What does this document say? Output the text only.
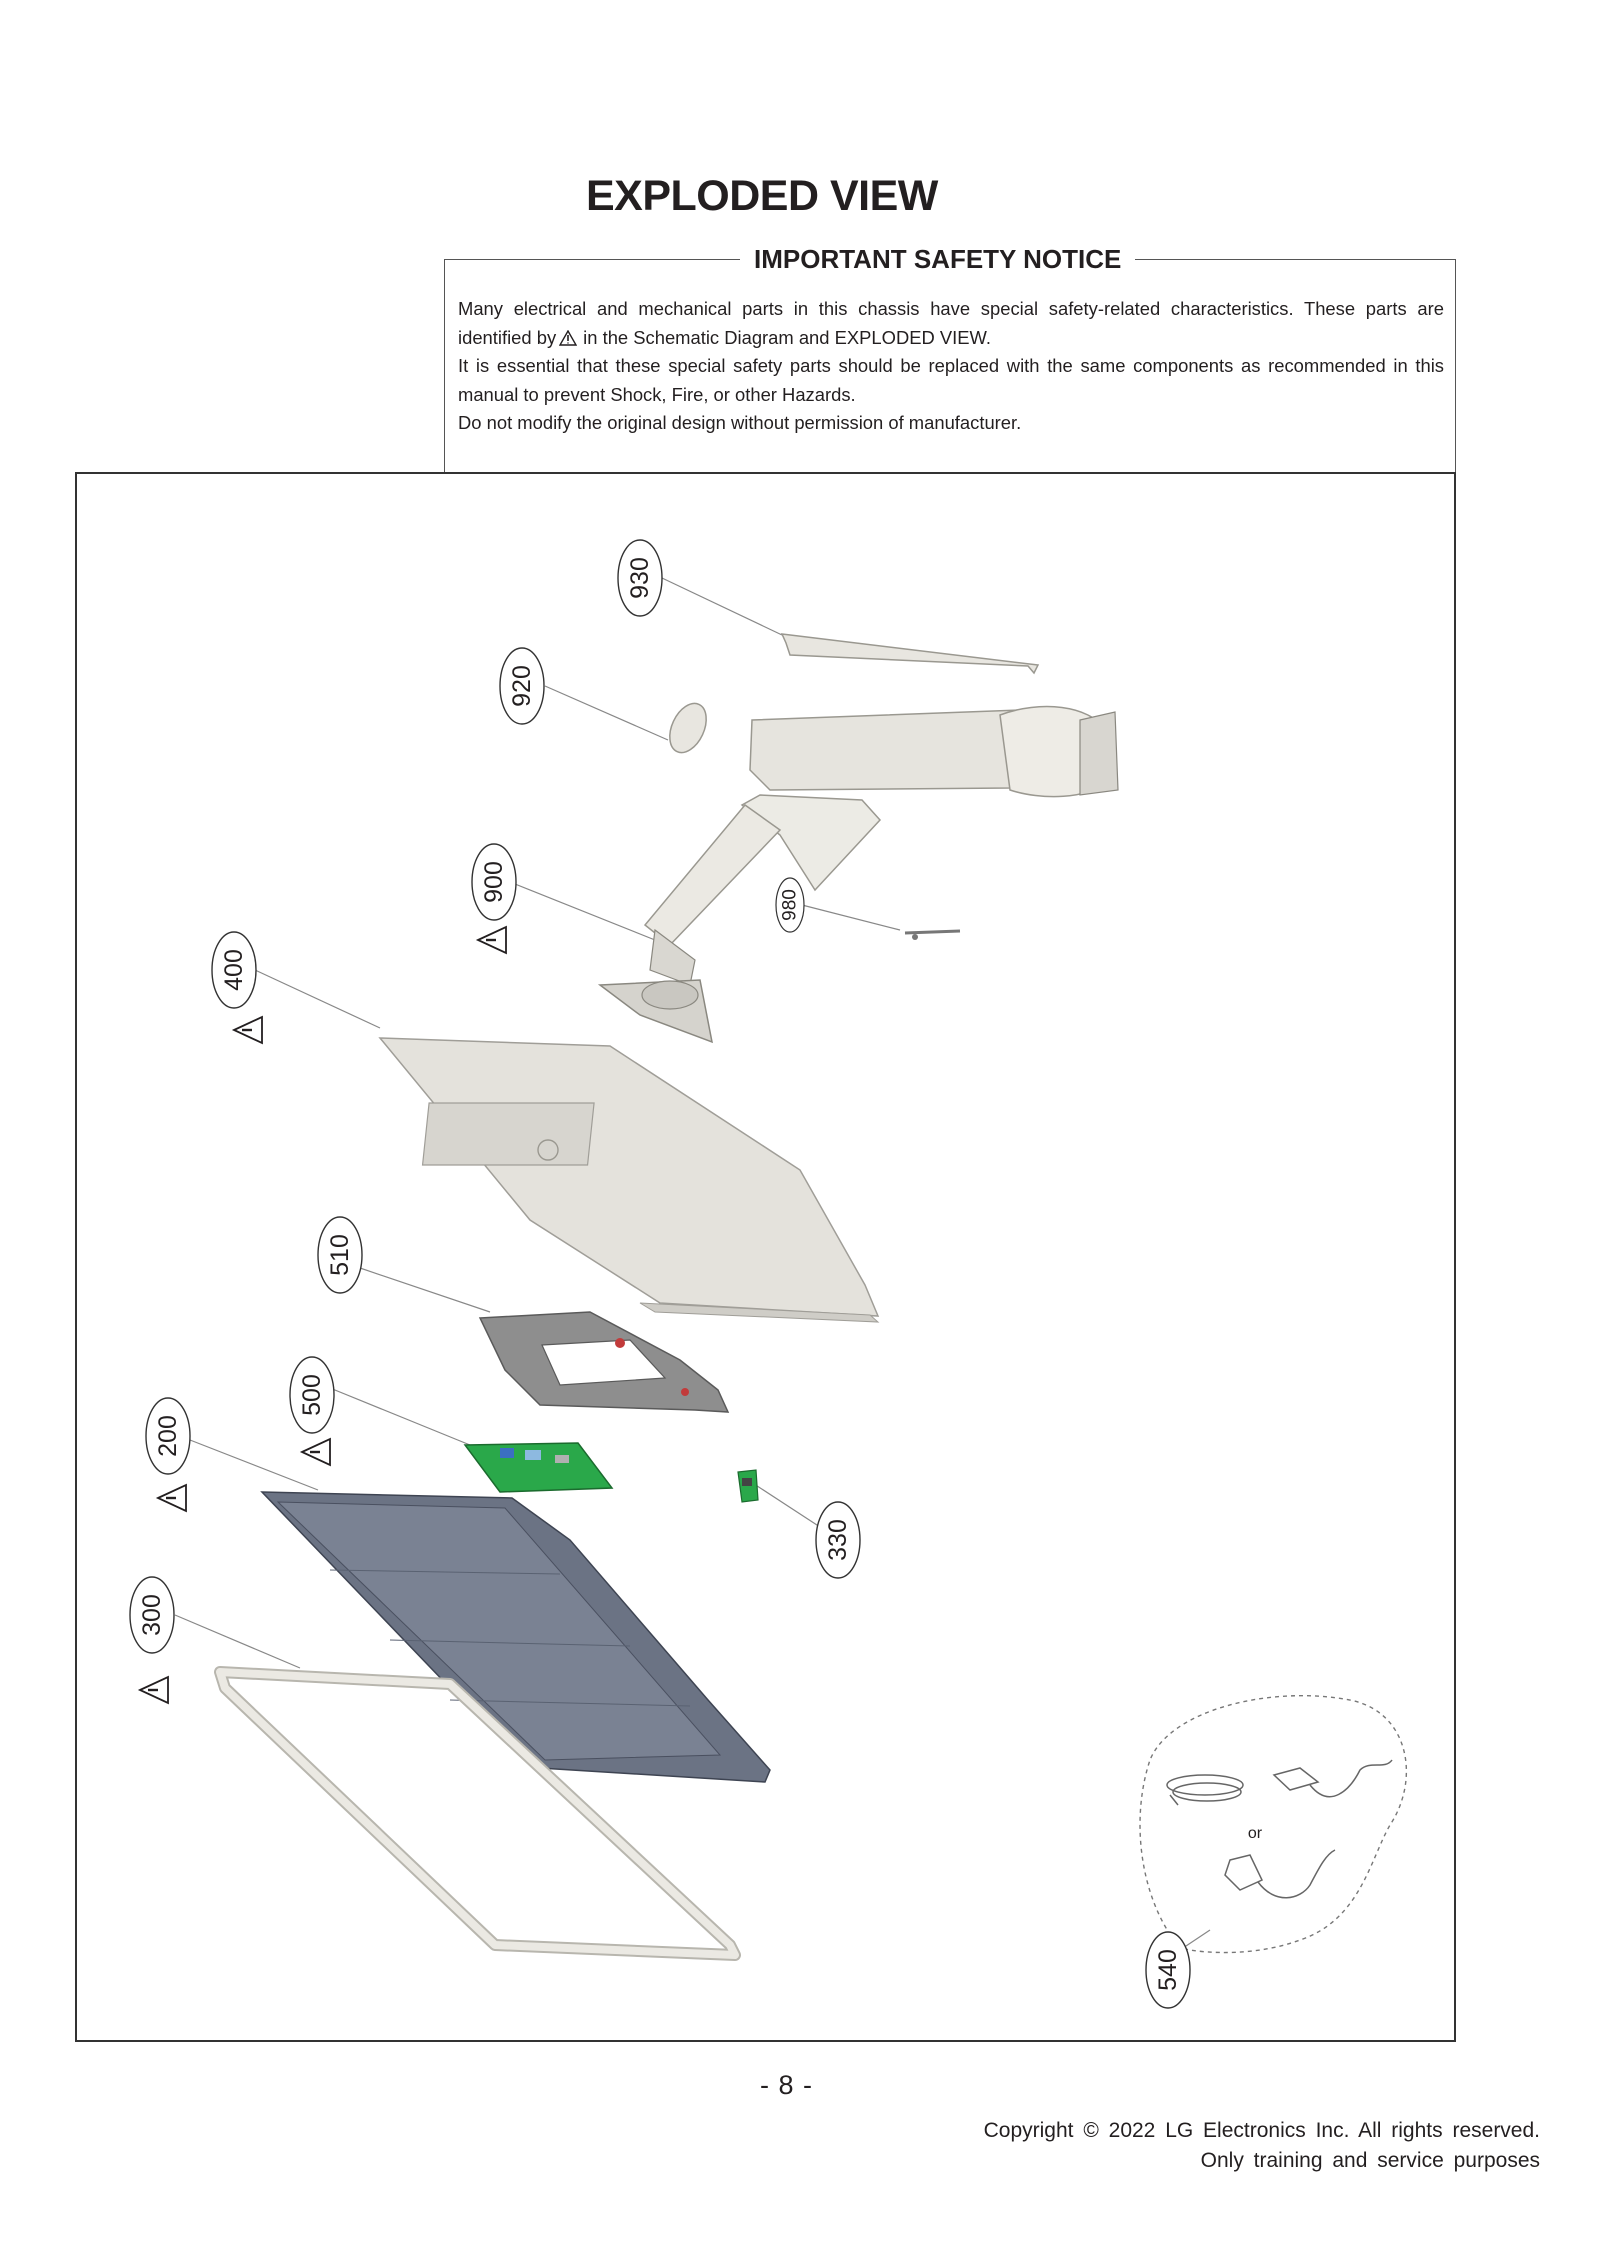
EXPLODED VIEW
IMPORTANT SAFETY NOTICE

Many electrical and mechanical parts in this chassis have special safety-related characteristics. These parts are identified by in the Schematic Diagram and EXPLODED VIEW.

It is essential that these special safety parts should be replaced with the same components as recommended in this manual to prevent Shock, Fire, or other Hazards.

Do not modify the original design without permission of manufacturer.

930
920
900
980
400
510
500
200
330
300
540
or
- 8 -
Copyright © 2022 LG Electronics Inc. All rights reserved.
Only training and service purposes
